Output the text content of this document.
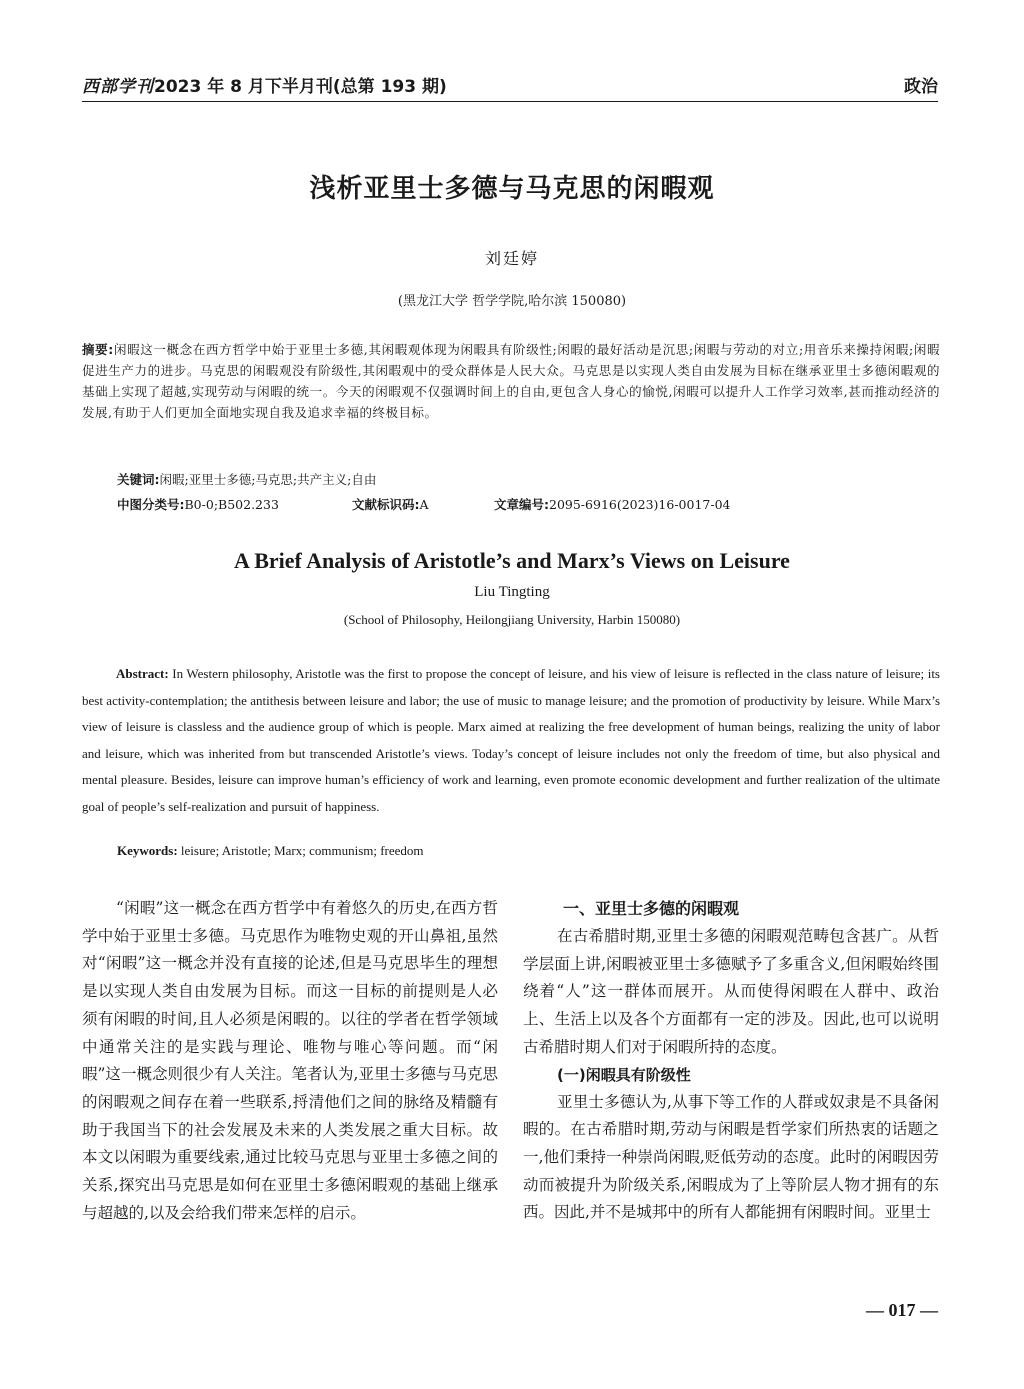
西部学刊2023 年 8 月下半月刊(总第 193 期)	政治
浅析亚里士多德与马克思的闲暇观
刘廷婷
(黑龙江大学 哲学学院,哈尔滨 150080)
摘要:闲暇这一概念在西方哲学中始于亚里士多德,其闲暇观体现为闲暇具有阶级性;闲暇的最好活动是沉思;闲暇与劳动的对立;用音乐来操持闲暇;闲暇促进生产力的进步。马克思的闲暇观没有阶级性,其闲暇观中的受众群体是人民大众。马克思是以实现人类自由发展为目标在继承亚里士多德闲暇观的基础上实现了超越,实现劳动与闲暇的统一。今天的闲暇观不仅强调时间上的自由,更包含人身心的愉悦,闲暇可以提升人工作学习效率,甚而推动经济的发展,有助于人们更加全面地实现自我及追求幸福的终极目标。
关键词:闲暇;亚里士多德;马克思;共产主义;自由
中图分类号:B0-0;B502.233	文献标识码:A	文章编号:2095-6916(2023)16-0017-04
A Brief Analysis of Aristotle’s and Marx’s Views on Leisure
Liu Tingting
(School of Philosophy, Heilongjiang University, Harbin 150080)
Abstract: In Western philosophy, Aristotle was the first to propose the concept of leisure, and his view of leisure is reflected in the class nature of leisure; its best activity-contemplation; the antithesis between leisure and labor; the use of music to manage leisure; and the promotion of productivity by leisure. While Marx’s view of leisure is classless and the audience group of which is people. Marx aimed at realizing the free development of human beings, realizing the unity of labor and leisure, which was inherited from but transcended Aristotle’s views. Today’s concept of leisure includes not only the freedom of time, but also physical and mental pleasure. Besides, leisure can improve human’s efficiency of work and learning, even promote economic development and further realization of the ultimate goal of people’s self-realization and pursuit of happiness.
Keywords: leisure; Aristotle; Marx; communism; freedom
“闲暇”这一概念在西方哲学中有着悠久的历史,在西方哲学中始于亚里士多德。马克思作为唯物史观的开山鼻祖,虽然对“闲暇”这一概念并没有直接的论述,但是马克思毕生的理想是以实现人类自由发展为目标。而这一目标的前提则是人必须有闲暇的时间,且人必须是闲暇的。以往的学者在哲学领域中通常关注的是实践与理论、唯物与唯心等问题。而“闲暇”这一概念则很少有人关注。笔者认为,亚里士多德与马克思的闲暇观之间存在着一些联系,捋清他们之间的脉络及精髓有助于我国当下的社会发展及未来的人类发展之重大目标。故本文以闲暇为重要线索,通过比较马克思与亚里士多德之间的关系,探究出马克思是如何在亚里士多德闲暇观的基础上继承与超越的,以及会给我们带来怎样的启示。
一、亚里士多德的闲暇观
在古希腊时期,亚里士多德的闲暇观范畴包含甚广。从哲学层面上讲,闲暇被亚里士多德赋予了多重含义,但闲暇始终围绕着“人”这一群体而展开。从而使得闲暇在人群中、政治上、生活上以及各个方面都有一定的涉及。因此,也可以说明古希腊时期人们对于闲暇所持的态度。
(一)闲暇具有阶级性
亚里士多德认为,从事下等工作的人群或奴隶是不具备闲暇的。在古希腊时期,劳动与闲暇是哲学家们所热衷的话题之一,他们秉持一种崇尚闲暇,贬低劳动的态度。此时的闲暇因劳动而被提升为阶级关系,闲暇成为了上等阶层人物才拥有的东西。因此,并不是城邦中的所有人都能拥有闲暇时间。亚里士
— 017 —
